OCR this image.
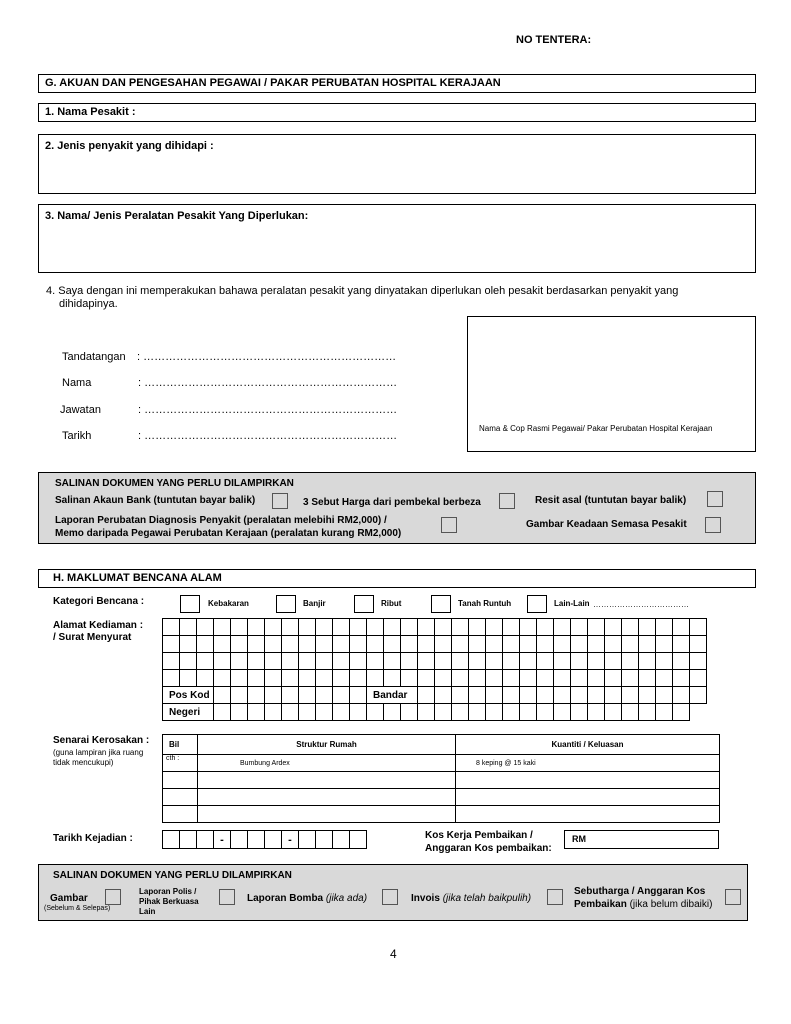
NO TENTERA:
G. AKUAN DAN PENGESAHAN PEGAWAI / PAKAR PERUBATAN HOSPITAL KERAJAAN
1. Nama Pesakit :
2. Jenis penyakit yang dihidapi :
3. Nama/ Jenis Peralatan Pesakit Yang Diperlukan:
4. Saya dengan ini memperakukan bahawa peralatan pesakit yang dinyatakan diperlukan oleh pesakit berdasarkan penyakit yang
dihidapinya.
Tandatangan : ……………………………………………………………
Nama	: ……………………………………………………………
Jawatan	: ……………………………………………………………
Tarikh	: ……………………………………………………………
Nama & Cop Rasmi Pegawai/ Pakar Perubatan Hospital Kerajaan
SALINAN DOKUMEN YANG PERLU DILAMPIRKAN
Salinan Akaun Bank (tuntutan bayar balik)	3 Sebut Harga dari pembekal berbeza	Resit asal (tuntutan bayar balik)
Laporan Perubatan Diagnosis Penyakit (peralatan melebihi RM2,000) /
Memo daripada Pegawai Perubatan Kerajaan (peralatan kurang RM2,000)
Gambar Keadaan Semasa Pesakit
H. MAKLUMAT BENCANA ALAM
Kategori Bencana :	Kebakaran	Banjir	Ribut	Tanah Runtuh	Lain-Lain ………………………………
Alamat Kediaman :
/ Surat Menyurat

Pos Kod												Bandar																			
Negeri																															
Senarai Kerosakan :
(guna lampiran jika ruang
tidak mencukupi)
Bil	Struktur Rumah	Kuantiti / Keluasan
cth :	Bumbung Ardex	8 keping @ 15 kaki

Tarikh Kejadian :
				-				-					Kos Kerja Pembaikan /
Anggaran Kos pembaikan:
RM
SALINAN DOKUMEN YANG PERLU DILAMPIRKAN
Gambar
(Sebelum & Selepas)
Laporan Polis /
Pihak Berkuasa
Lain
Laporan Bomba (jika ada)	Invois (jika telah baikpulih)
Sebutharga / Anggaran Kos
Pembaikan (jika belum dibaiki)
4
